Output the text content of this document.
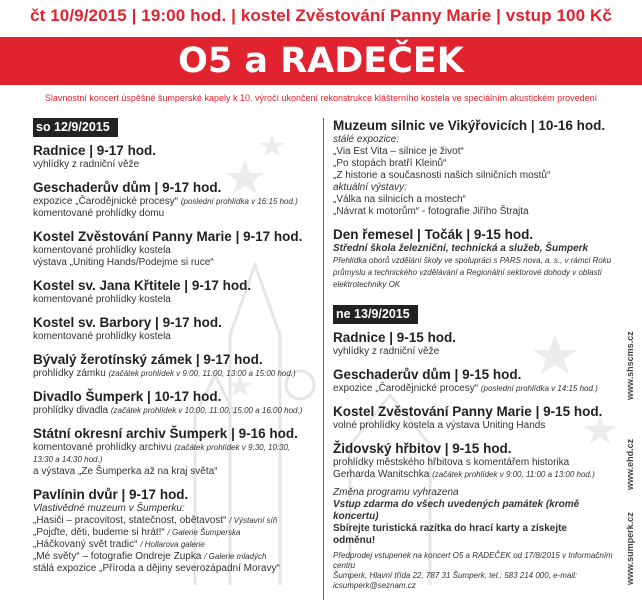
čt 10/9/2015 | 19:00 hod. | kostel Zvěstování Panny Marie | vstup 100 Kč
O5 a RADEČEK
Slavnostní koncert úspěšné šumperské kapely k 10. výročí ukončení rekonstrukce klášterního kostela ve speciálním akustickém provedení
so 12/9/2015
Radnice | 9-17 hod.
vyhlídky z radniční věže
Geschaderův dům | 9-17 hod.
expozice „Čarodějnické procesy“ (poslední prohlídka v 16:15 hod.)
komentované prohlídky domu
Kostel Zvěstování Panny Marie | 9-17 hod.
komentované prohlídky kostela
výstava „Uniting Hands/Podejme si ruce“
Kostel sv. Jana Křtitele | 9-17 hod.
komentované prohlídky kostela
Kostel sv. Barbory | 9-17 hod.
komentované prohlídky kostela
Bývalý žerotínský zámek | 9-17 hod.
prohlídky zámku (začátek prohlídek v 9:00, 11:00, 13:00 a 15:00 hod.)
Divadlo Šumperk | 10-17 hod.
prohlídky divadla (začátek prohlídek v 10:00, 11:00, 15:00 a 16:00 hod.)
Státní okresní archiv Šumperk | 9-16 hod.
komentované prohlídky archivu (začátek prohlídek v 9:30, 10:30,
13:30 a 14:30 hod.)
a výstava „Ze Šumperka až na kraj světa“
Pavlínin dvůr | 9-17 hod.
Vlastivědné muzeum v Šumperku:
„Hasiči – pracovitost, statečnost, obětavost“ / Výstavní síň
„Pojďte, děti, budeme si hrát!“ / Galerie Šumperska
„Háčkovaný svět tradic“ / Hollarova galerie
„Mé světy“ – fotografie Ondreje Zupka / Galerie mladých
stálá expozice „Příroda a dějiny severozápadní Moravy“
Muzeum silnic ve Vikýřovicích | 10-16 hod.
stálé expozice:
„Via Est Vita – silnice je život“
„Po stopách bratří Kleinů“
„Z historie a současnosti našich silničních mostů“
aktuální výstavy:
„Válka na silnicích a mostech“
„Návrat k motorům“ - fotografie Jiřího Štrajta
Den řemesel | Točák | 9-15 hod.
Střední škola železniční, technická a služeb, Šumperk
Přehlídka oborů vzdělání školy ve spolupráci s PARS nova, a. s., v rámci Roku
průmyslu a technického vzdělávání a Regionální sektorové dohody v oblasti
elektrotechniky OK
ne 13/9/2015
Radnice | 9-15 hod.
vyhlídky z radniční věže
Geschaderův dům | 9-15 hod.
expozice „Čarodějnické procesy“ (poslední prohlídka v 14:15 hod.)
Kostel Zvěstování Panny Marie | 9-15 hod.
volné prohlídky kostela a výstava Uniting Hands
Židovský hřbitov | 9-15 hod.
prohlídky městského hřbitova s komentářem historika
Gerharda Wanitschka (začátek prohlídek v 9:00, 11:00 a 13:00 hod.)
Změna programu vyhrazena
Vstup zdarma do všech uvedených památek (kromě koncertu)
Sbírejte turistická razítka do hrací karty a získejte
odměnu!
Předprodej vstupenek na koncert O5 a RADEČEK od 17/8/2015 v Informačním centru
Šumperk, Hlavní třída 22, 787 31 Šumperk, tel.: 583 214 000, e-mail: icsumperk@seznam.cz
www.shscms.cz
www.ehd.cz
www.sumperk.cz
